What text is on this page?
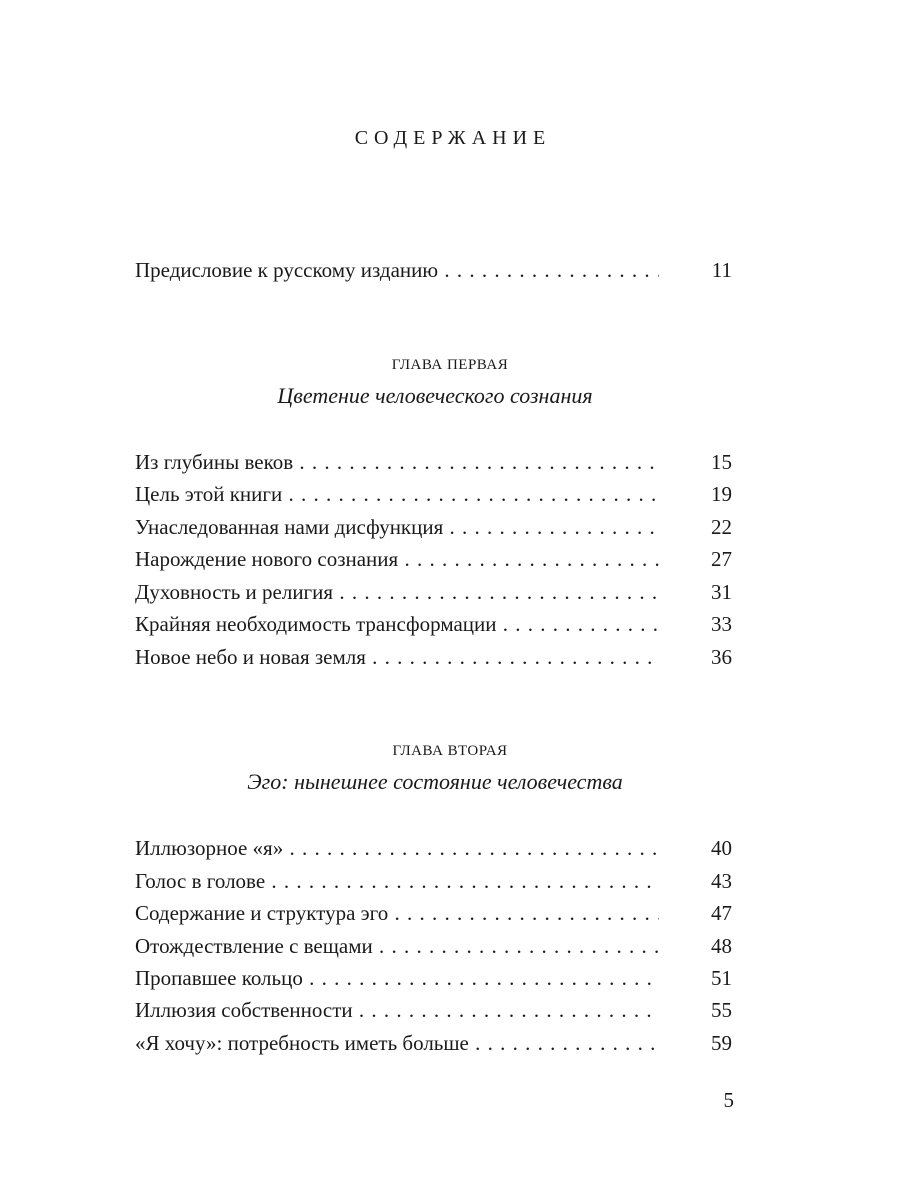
СОДЕРЖАНИЕ
Предисловие к русскому изданию . . .	11
ГЛАВА ПЕРВАЯ
Цветение человеческого сознания
Из глубины веков . . .	15
Цель этой книги . . .	19
Унаследованная нами дисфункция . . .	22
Нарождение нового сознания . . .	27
Духовность и религия . . .	31
Крайняя необходимость трансформации . . .	33
Новое небо и новая земля . . .	36
ГЛАВА ВТОРАЯ
Эго: нынешнее состояние человечества
Иллюзорное «я» . . .	40
Голос в голове . . .	43
Содержание и структура эго . . .	47
Отождествление с вещами . . .	48
Пропавшее кольцо . . .	51
Иллюзия собственности . . .	55
«Я хочу»: потребность иметь больше . . .	59
5
